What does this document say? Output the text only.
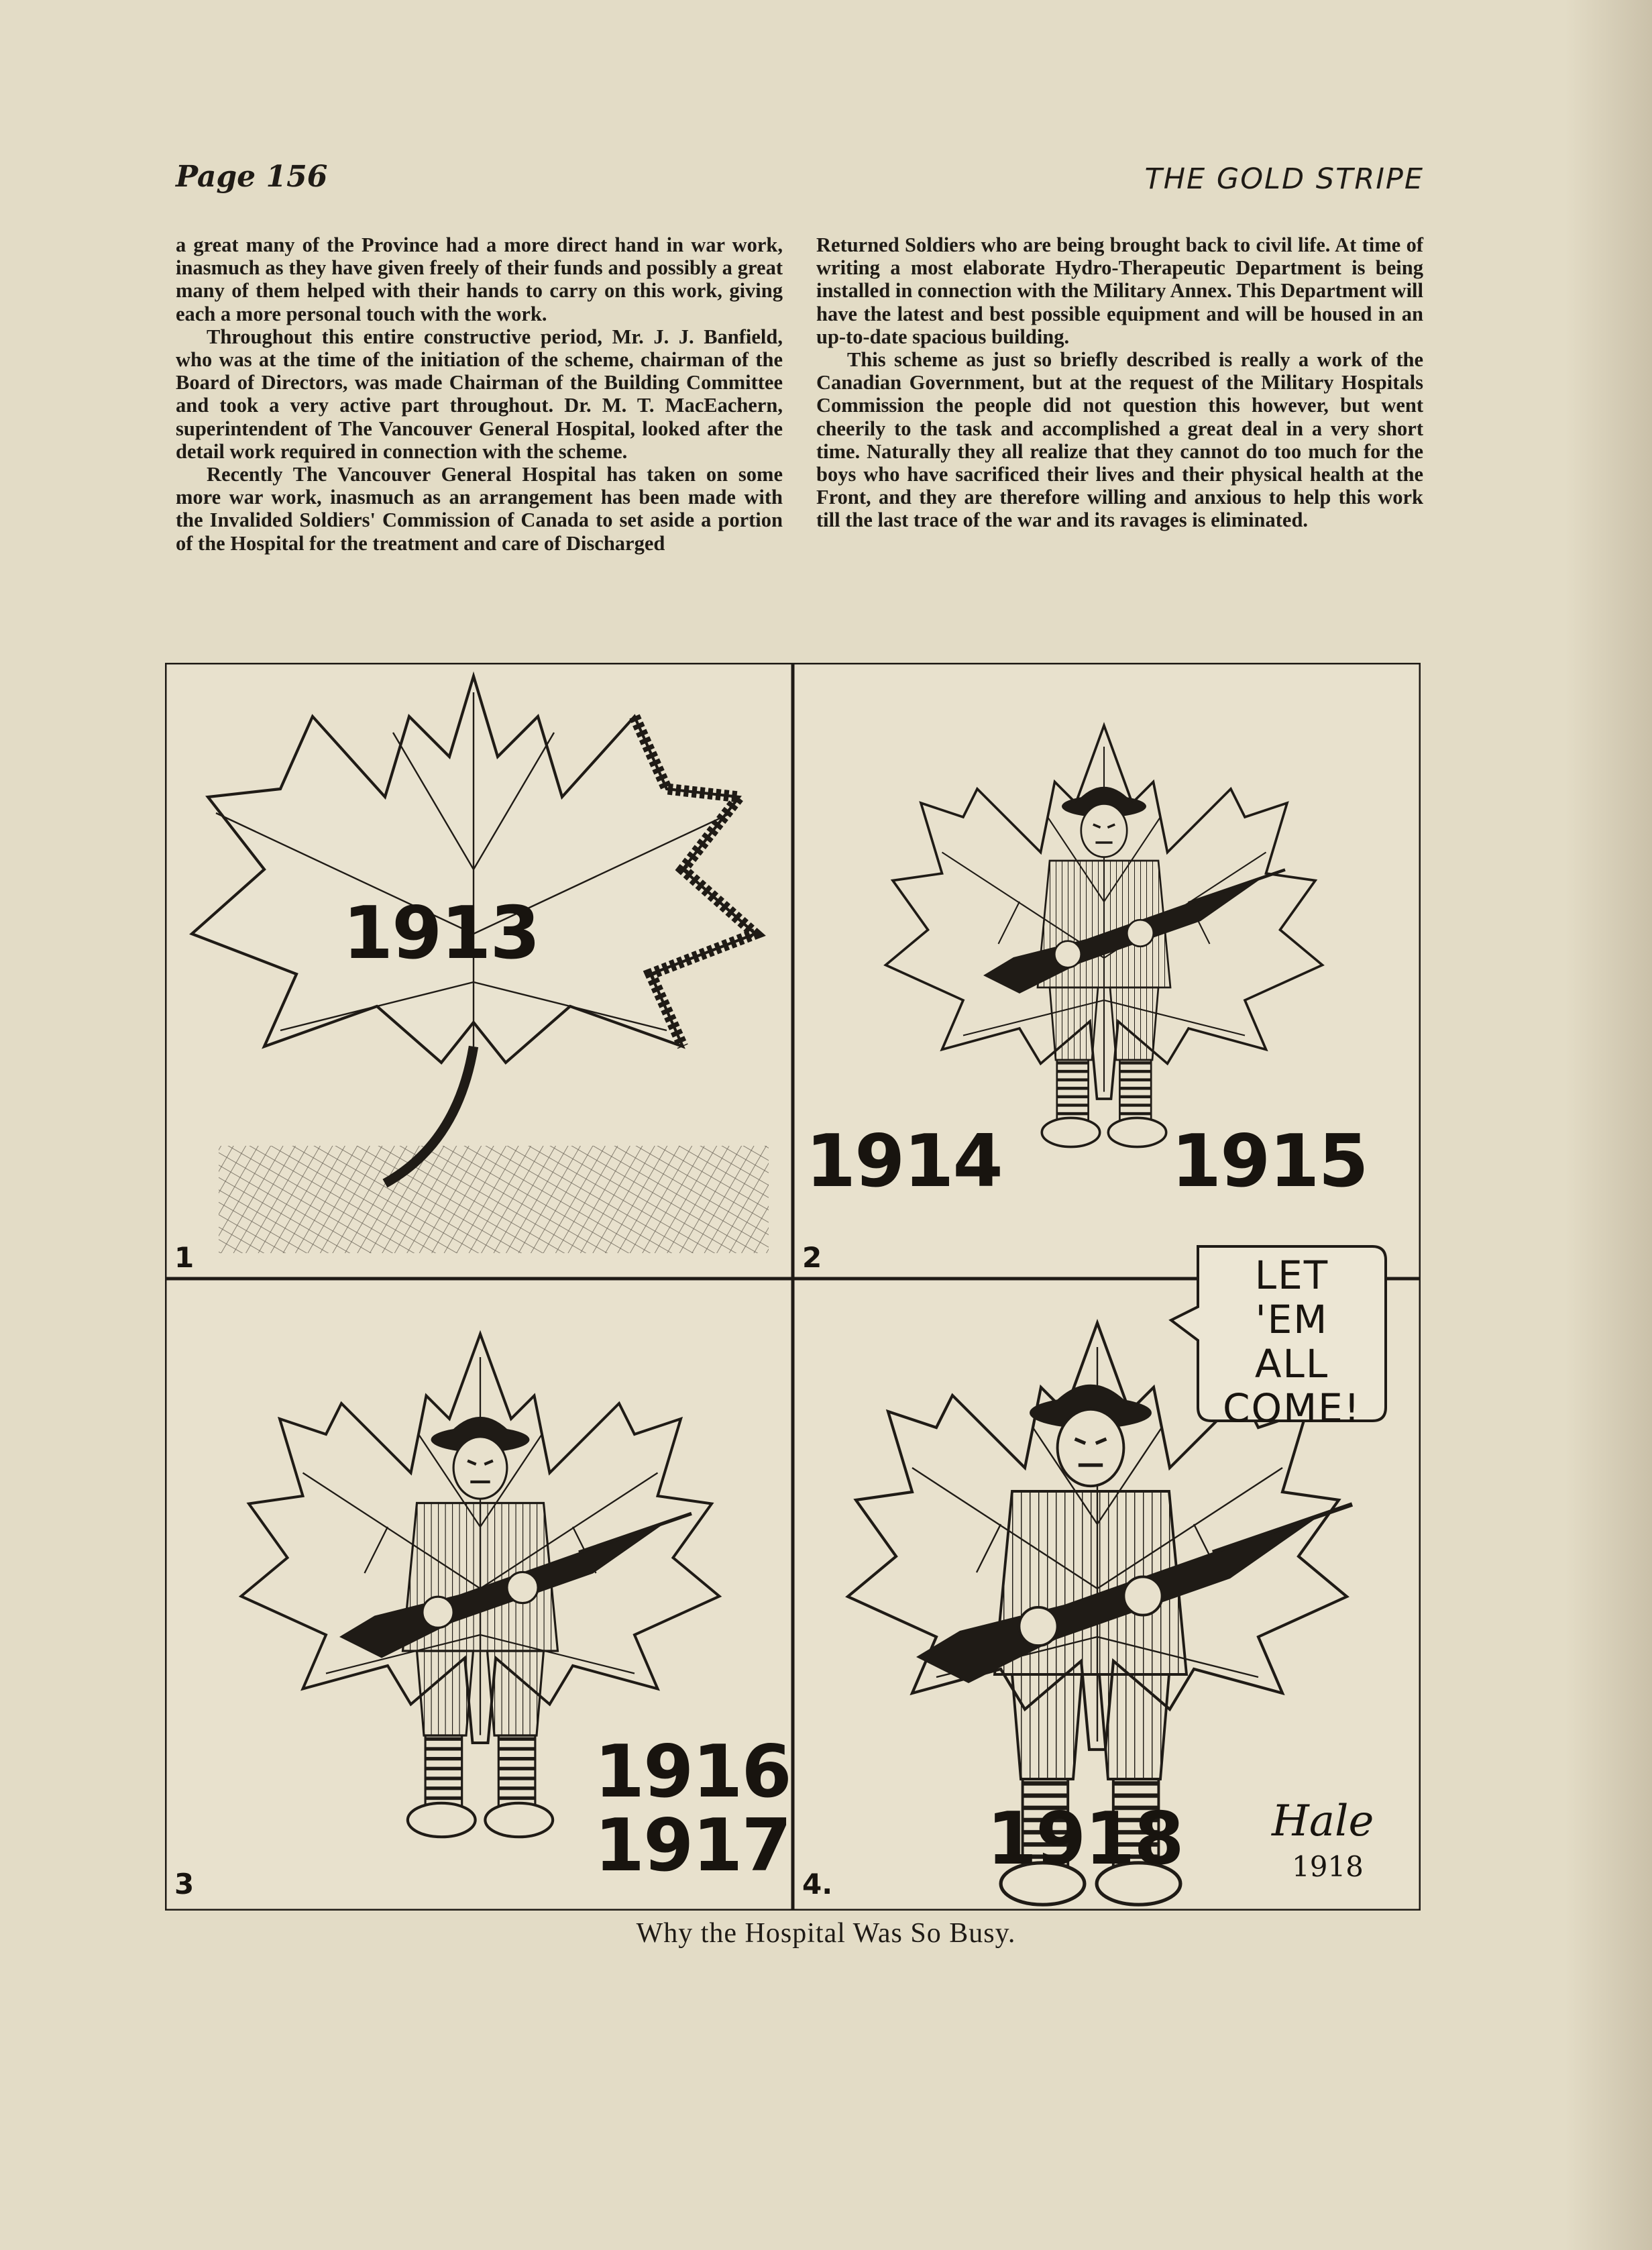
Page 156	THE GOLD STRIPE

a great many of the Province had a more direct hand in war work, inasmuch as they have given freely of their funds and possibly a great many of them helped with their hands to carry on this work, giving each a more personal touch with the work.

Throughout this entire constructive period, Mr. J. J. Banfield, who was at the time of the initiation of the scheme, chairman of the Board of Directors, was made Chairman of the Building Committee and took a very active part throughout. Dr. M. T. MacEachern, superintendent of The Vancouver General Hospital, looked after the detail work required in connection with the scheme.

Recently The Vancouver General Hospital has taken on some more war work, inasmuch as an arrangement has been made with the Invalided Soldiers' Commission of Canada to set aside a portion of the Hospital for the treatment and care of Discharged

Returned Soldiers who are being brought back to civil life. At time of writing a most elaborate Hydro-Therapeutic Department is being installed in connection with the Military Annex. This Department will have the latest and best possible equipment and will be housed in an up-to-date spacious building.

This scheme as just so briefly described is really a work of the Canadian Government, but at the request of the Military Hospitals Commission the people did not question this however, but went cheerily to the task and accomplished a great deal in a very short time. Naturally they all realize that they cannot do too much for the boys who have sacrificed their lives and their physical health at the Front, and they are therefore willing and anxious to help this work till the last trace of the war and its ravages is eliminated.

1
1913
2
1914 1915
3
1916
1917 4.
1918
LET
'EM
ALL
COME!
Hale
1918
Why the Hospital Was So Busy.
